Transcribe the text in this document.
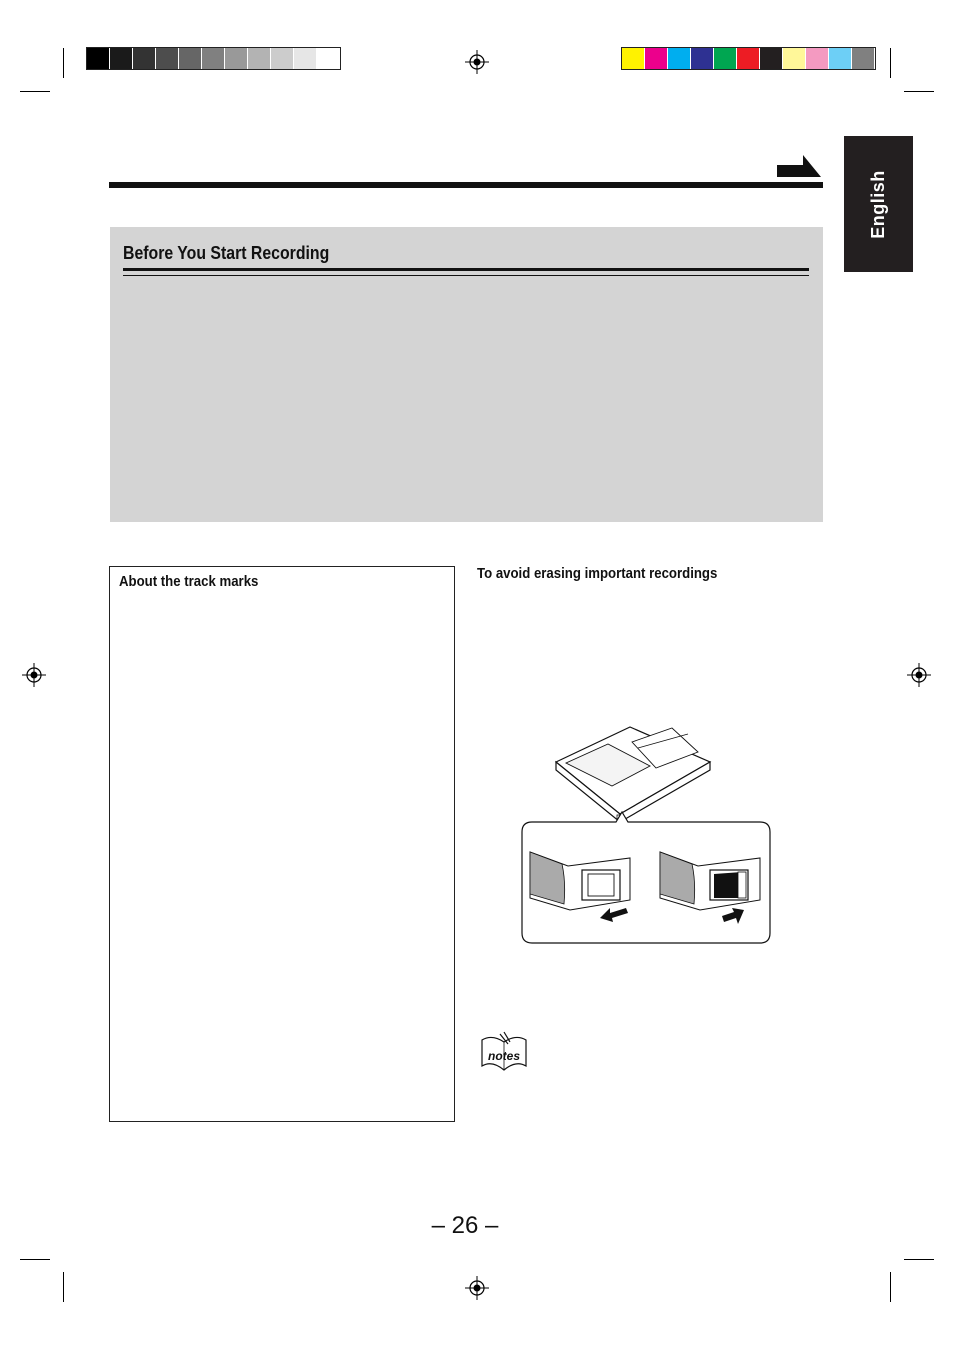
English
Before You Start Recording
About the track marks	To avoid erasing important recordings
notes
– 26 –
